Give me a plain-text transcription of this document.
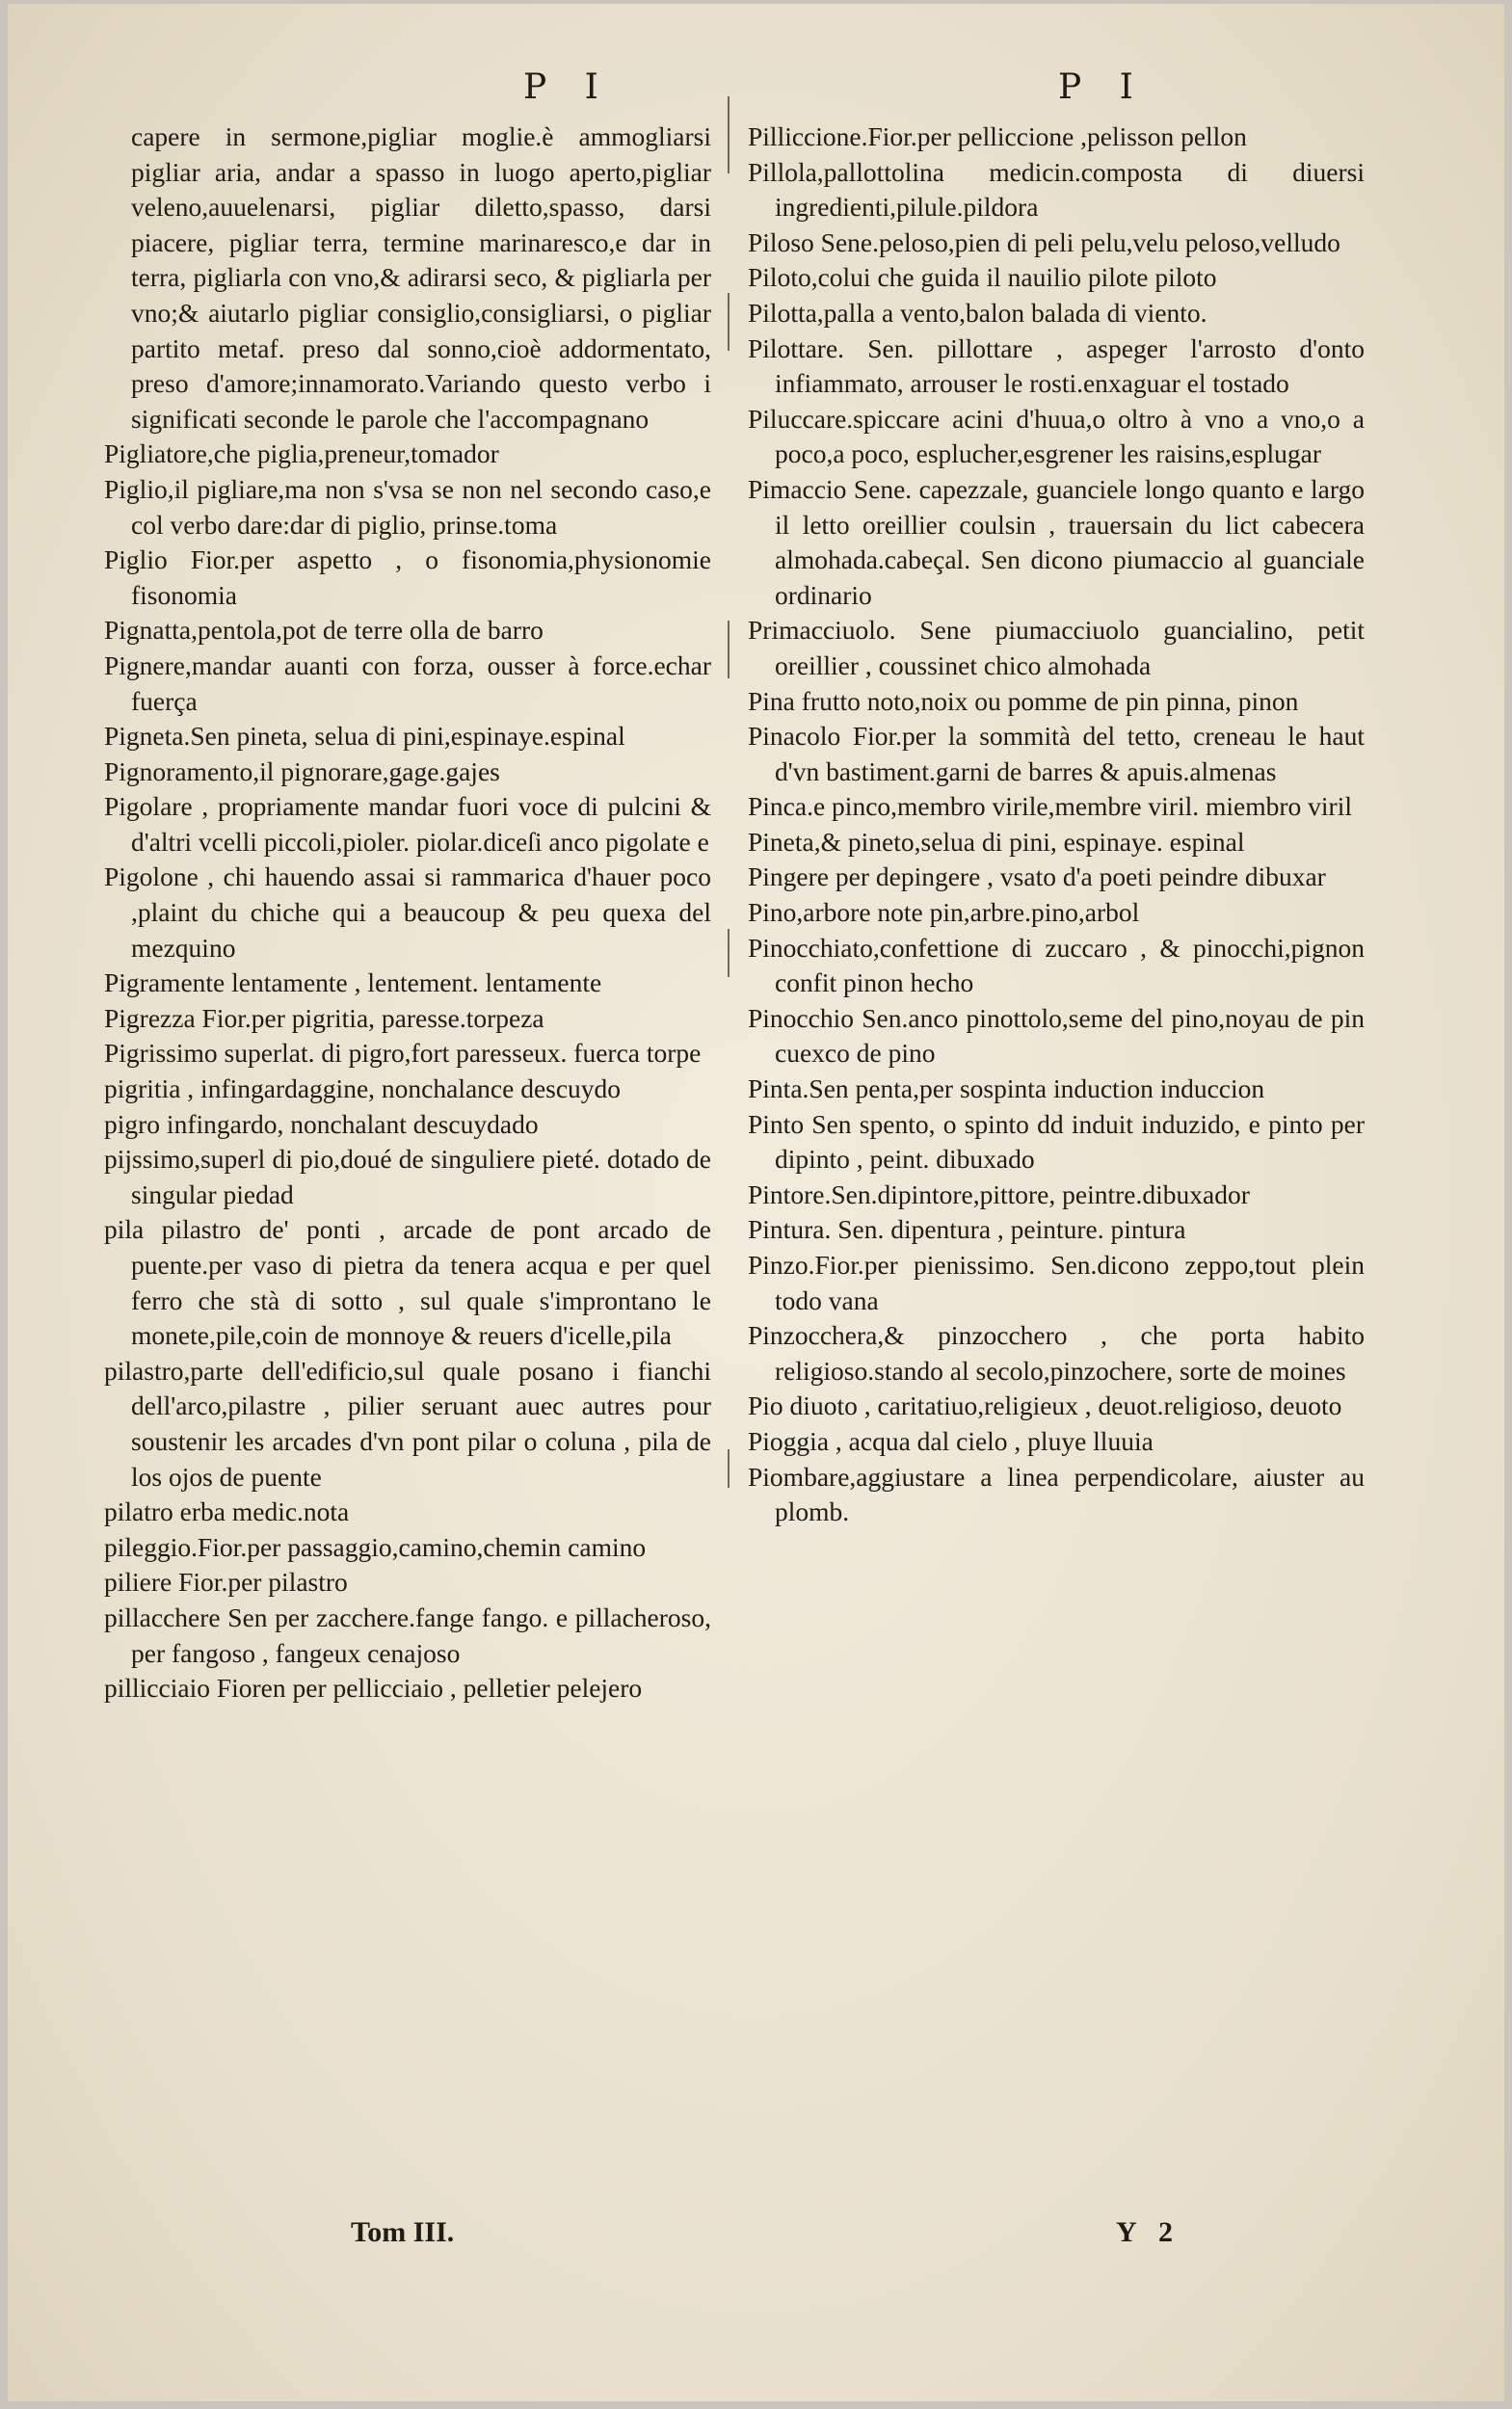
P I	P I

capere in sermone,pigliar moglie.è ammogliarsi pigliar aria, andar a spasso in luogo aperto,pigliar veleno,auuelenarsi, pigliar diletto,spasso, darsi piacere, pigliar terra, termine marinaresco,e dar in terra, pigliarla con vno,& adirarsi seco, & pigliarla per vno;& aiutarlo pigliar consiglio,consigliarsi, o pigliar partito metaf. preso dal sonno,cioè addormentato, preso d'amore;innamorato.Variando questo verbo i significati seconde le parole che l'accompagnano

Pigliatore,che piglia,preneur,tomador

Piglio,il pigliare,ma non s'vsa se non nel secondo caso,e col verbo dare:dar di piglio, prinse.toma

Piglio Fior.per aspetto , o fisonomia,physionomie fisonomia

Pignatta,pentola,pot de terre olla de barro

Pignere,mandar auanti con forza, ousser à force.echar fuerça

Pigneta.Sen pineta, selua di pini,espinaye.espinal

Pignoramento,il pignorare,gage.gajes

Pigolare , propriamente mandar fuori voce di pulcini & d'altri vcelli piccoli,pioler. piolar.diceſi anco pigolate e

Pigolone , chi hauendo assai si rammarica d'hauer poco ,plaint du chiche qui a beaucoup & peu quexa del mezquino

Pigramente lentamente , lentement. lentamente

Pigrezza Fior.per pigritia, paresse.torpeza

Pigrissimo superlat. di pigro,fort paresseux. fuerca torpe

pigritia , infingardaggine, nonchalance descuydo

pigro infingardo, nonchalant descuydado

pijssimo,superl di pio,doué de singuliere pieté. dotado de singular piedad

pila pilastro de' ponti , arcade de pont arcado de puente.per vaso di pietra da tenera acqua e per quel ferro che stà di sotto , sul quale s'improntano le monete,pile,coin de monnoye & reuers d'icelle,pila

pilastro,parte dell'edificio,sul quale posano i fianchi dell'arco,pilastre , pilier seruant auec autres pour soustenir les arcades d'vn pont pilar o coluna , pila de los ojos de puente

pilatro erba medic.nota

pileggio.Fior.per passaggio,camino,chemin camino

piliere Fior.per pilastro

pillacchere Sen per zacchere.fange fango. e pillacherosо, per fangoso , fangeux cenajoso

pillicciaio Fioren per pellicciaio , pelletier pelejero

Pilliccione.Fior.per pelliccione ,pelisson pellon

Pillola,pallottolina medicin.composta di diuersi ingredienti,pilule.pildora

Piloso Sene.peloso,pien di peli pelu,velu peloso,velludo

Piloto,colui che guida il nauilio pilote piloto

Pilotta,palla a vento,balon balada di viento.

Pilottare. Sen. pillottare , aspeger l'arrosto d'onto infiammato, arrouser le rosti.enxaguar el tostado

Piluccare.spiccare acini d'huua,o oltro à vno a vno,o a poco,a poco, esplucher,esgrener les raisins,esplugar

Pimaccio Sene. capezzale, guanciele longo quanto e largo il letto oreillier coulsin , trauersain du lict cabecera almohada.cabeçal. Sen dicono piumaccio al guanciale ordinario

Primacciuolo. Sene piumacciuolo guancialino, petit oreillier , coussinet chico almohada

Pina frutto noto,noix ou pomme de pin pinna, pinon

Pinacolo Fior.per la sommità del tetto, creneau le haut d'vn bastiment.garni de barres & apuis.almenas

Pinca.e pinco,membro virile,membre viril. miembro viril

Pineta,& pineto,selua di pini, espinaye. espinal

Pingere per depingere , vsato d'a poeti peindre dibuxar

Pino,arbore note pin,arbre.pino,arbol

Pinocchiato,confettione di zuccaro , & pinocchi,pignon confit pinon hecho

Pinocchio Sen.anco pinottolo,seme del pino,noyau de pin cuexco de pino

Pinta.Sen penta,per sospinta induction induccion

Pinto Sen spento, o spinto dd induit induzido, e pinto per dipinto , peint. dibuxado

Pintore.Sen.dipintore,pittore, peintre.dibuxador

Pintura. Sen. dipentura , peinture. pintura

Pinzo.Fior.per pienissimo. Sen.dicono zeppo,tout plein todo vana

Pinzocchera,& pinzocchero , che porta habito religioso.stando al secolo,pinzochere, sorte de moines

Pio diuoto , caritatiuo,religieux , deuot.religioso, deuoto

Pioggia , acqua dal cielo , pluye lluuia

Piombare,aggiustare a linea perpendicolare, aiuster au plomb.

Tom III.	Y 2
